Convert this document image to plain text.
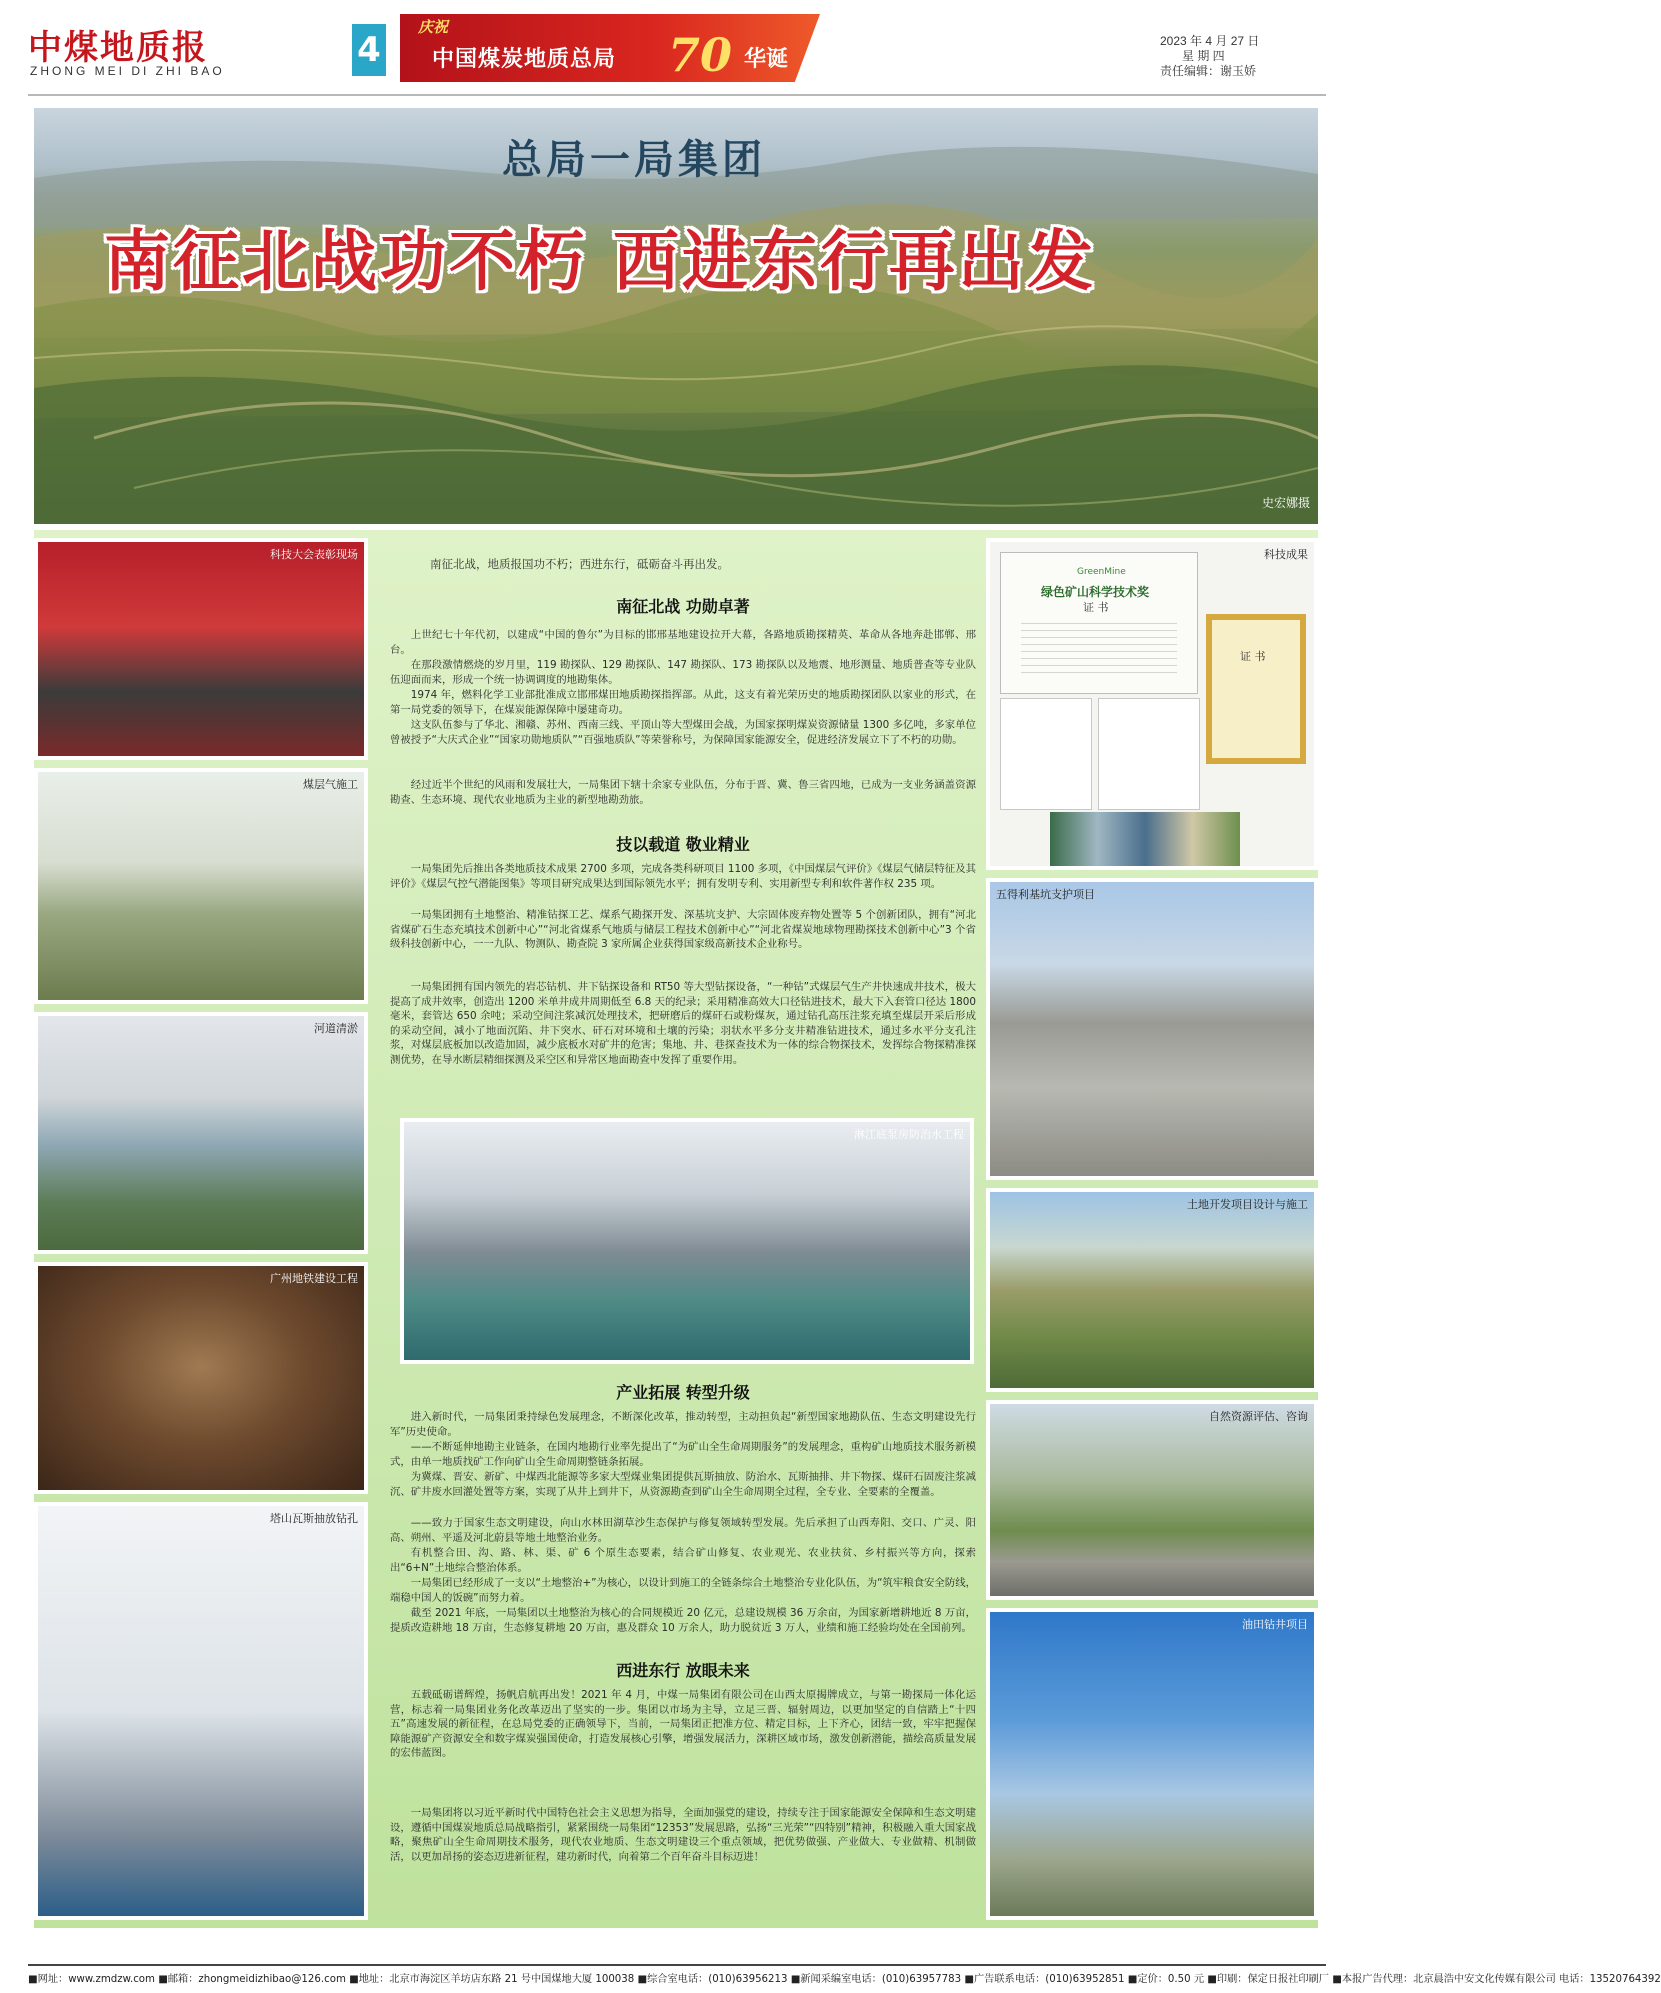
中煤地质报
ZHONG MEI DI ZHI BAO
4
庆祝
中国煤炭地质总局 70 华诞
2023 年 4 月 27 日
星 期 四
责任编辑：谢玉娇
总局一局集团
南征北战功不朽 西进东行再出发
史宏娜摄
科技大会表彰现场
煤层气施工
河道清淤
广州地铁建设工程
塔山瓦斯抽放钻孔
科技成果
GreenMine
绿色矿山科学技术奖
证 书
证 书
五得利基坑支护项目
土地开发项目设计与施工
自然资源评估、咨询
油田钻井项目
淋江底泵房防治水工程
南征北战，地质报国功不朽；西进东行，砥砺奋斗再出发。
南征北战 功勋卓著

上世纪七十年代初，以建成“中国的鲁尔”为目标的邯邢基地建设拉开大幕，各路地质勘探精英、革命从各地奔赴邯郸、邢台。

在那段激情燃烧的岁月里，119 勘探队、129 勘探队、147 勘探队、173 勘探队以及地震、地形测量、地质普查等专业队伍迎面而来，形成一个统一协调调度的地勘集体。

1974 年，燃料化学工业部批准成立邯邢煤田地质勘探指挥部。从此，这支有着光荣历史的地质勘探团队以家业的形式，在第一局党委的领导下，在煤炭能源保障中屡建奇功。

这支队伍参与了华北、湘赣、苏州、西南三线、平顶山等大型煤田会战，为国家探明煤炭资源储量 1300 多亿吨，多家单位曾被授予“大庆式企业”“国家功勋地质队”“百强地质队”等荣誉称号，为保障国家能源安全，促进经济发展立下了不朽的功勋。

经过近半个世纪的风雨和发展壮大，一局集团下辖十余家专业队伍，分布于晋、冀、鲁三省四地，已成为一支业务涵盖资源勘查、生态环境、现代农业地质为主业的新型地勘劲旅。

技以载道 敬业精业

一局集团先后推出各类地质技术成果 2700 多项，完成各类科研项目 1100 多项，《中国煤层气评价》《煤层气储层特征及其评价》《煤层气控气潜能图集》等项目研究成果达到国际领先水平；拥有发明专利、实用新型专利和软件著作权 235 项。

一局集团拥有土地整治、精准钻探工艺、煤系气勘探开发、深基坑支护、大宗固体废弃物处置等 5 个创新团队，拥有“河北省煤矿石生态充填技术创新中心”“河北省煤系气地质与储层工程技术创新中心”“河北省煤炭地球物理勘探技术创新中心”3 个省级科技创新中心，一一九队、物测队、勘查院 3 家所属企业获得国家级高新技术企业称号。

一局集团拥有国内领先的岩芯钻机、井下钻探设备和 RT50 等大型钻探设备，“一种钻”式煤层气生产井快速成井技术，极大提高了成井效率，创造出 1200 米单井成井周期低至 6.8 天的纪录；采用精准高效大口径钻进技术，最大下入套管口径达 1800 毫米，套管达 650 余吨；采动空间注浆减沉处理技术，把研磨后的煤矸石或粉煤灰，通过钻孔高压注浆充填至煤层开采后形成的采动空间，减小了地面沉陷、井下突水、矸石对环境和土壤的污染；羽状水平多分支井精准钻进技术，通过多水平分支孔注浆，对煤层底板加以改造加固，减少底板水对矿井的危害；集地、井、巷探查技术为一体的综合物探技术，发挥综合物探精准探测优势，在导水断层精细探测及采空区和异常区地面勘查中发挥了重要作用。

产业拓展 转型升级

进入新时代，一局集团秉持绿色发展理念，不断深化改革，推动转型，主动担负起“新型国家地勘队伍、生态文明建设先行军”历史使命。

——不断延伸地勘主业链条，在国内地勘行业率先提出了“为矿山全生命周期服务”的发展理念，重构矿山地质技术服务新模式，由单一地质找矿工作向矿山全生命周期整链条拓展。

为冀煤、晋安、新矿、中煤西北能源等多家大型煤业集团提供瓦斯抽放、防治水、瓦斯抽排、井下物探、煤矸石固废注浆减沉、矿井废水回灌处置等方案，实现了从井上到井下，从资源勘查到矿山全生命周期全过程，全专业、全要素的全覆盖。

——致力于国家生态文明建设，向山水林田湖草沙生态保护与修复领域转型发展。先后承担了山西寿阳、交口、广灵、阳高、朔州、平遥及河北蔚县等地土地整治业务。

有机整合田、沟、路、林、渠、矿 6 个原生态要素，结合矿山修复、农业观光、农业扶贫、乡村振兴等方向，探索出“6+N”土地综合整治体系。

一局集团已经形成了一支以“土地整治+”为核心，以设计到施工的全链条综合土地整治专业化队伍，为“筑牢粮食安全防线，端稳中国人的饭碗”而努力着。

截至 2021 年底，一局集团以土地整治为核心的合同规模近 20 亿元，总建设规模 36 万余亩，为国家新增耕地近 8 万亩，提质改造耕地 18 万亩，生态修复耕地 20 万亩，惠及群众 10 万余人，助力脱贫近 3 万人，业绩和施工经验均处在全国前列。

西进东行 放眼未来

五载砥砺谱辉煌，扬帆启航再出发！2021 年 4 月，中煤一局集团有限公司在山西太原揭牌成立，与第一勘探局一体化运营，标志着一局集团业务化改革迈出了坚实的一步。集团以市场为主导，立足三晋、辐射周边，以更加坚定的自信踏上“十四五”高速发展的新征程，在总局党委的正确领导下，当前，一局集团正把准方位、精定目标，上下齐心，团结一致，牢牢把握保障能源矿产资源安全和数字煤炭强国使命，打造发展核心引擎，增强发展活力，深耕区域市场，激发创新潜能，描绘高质量发展的宏伟蓝图。

一局集团将以习近平新时代中国特色社会主义思想为指导，全面加强党的建设，持续专注于国家能源安全保障和生态文明建设，遵循中国煤炭地质总局战略指引，紧紧围绕一局集团“12353”发展思路，弘扬“三光荣”“四特别”精神，积极融入重大国家战略，聚焦矿山全生命周期技术服务，现代农业地质、生态文明建设三个重点领域，把优势做强、产业做大、专业做精、机制做活，以更加昂扬的姿态迈进新征程，建功新时代，向着第二个百年奋斗目标迈进！

■网址：www.zmdzw.com ■邮箱：zhongmeidizhibao@126.com ■地址：北京市海淀区羊坊店东路 21 号中国煤地大厦 100038 ■综合室电话：(010)63956213 ■新闻采编室电话：(010)63957783 ■广告联系电话：(010)63952851 ■定价：0.50 元 ■印刷：保定日报社印刷厂 ■本报广告代理：北京晨浩中安文化传媒有限公司 电话：13520764392
